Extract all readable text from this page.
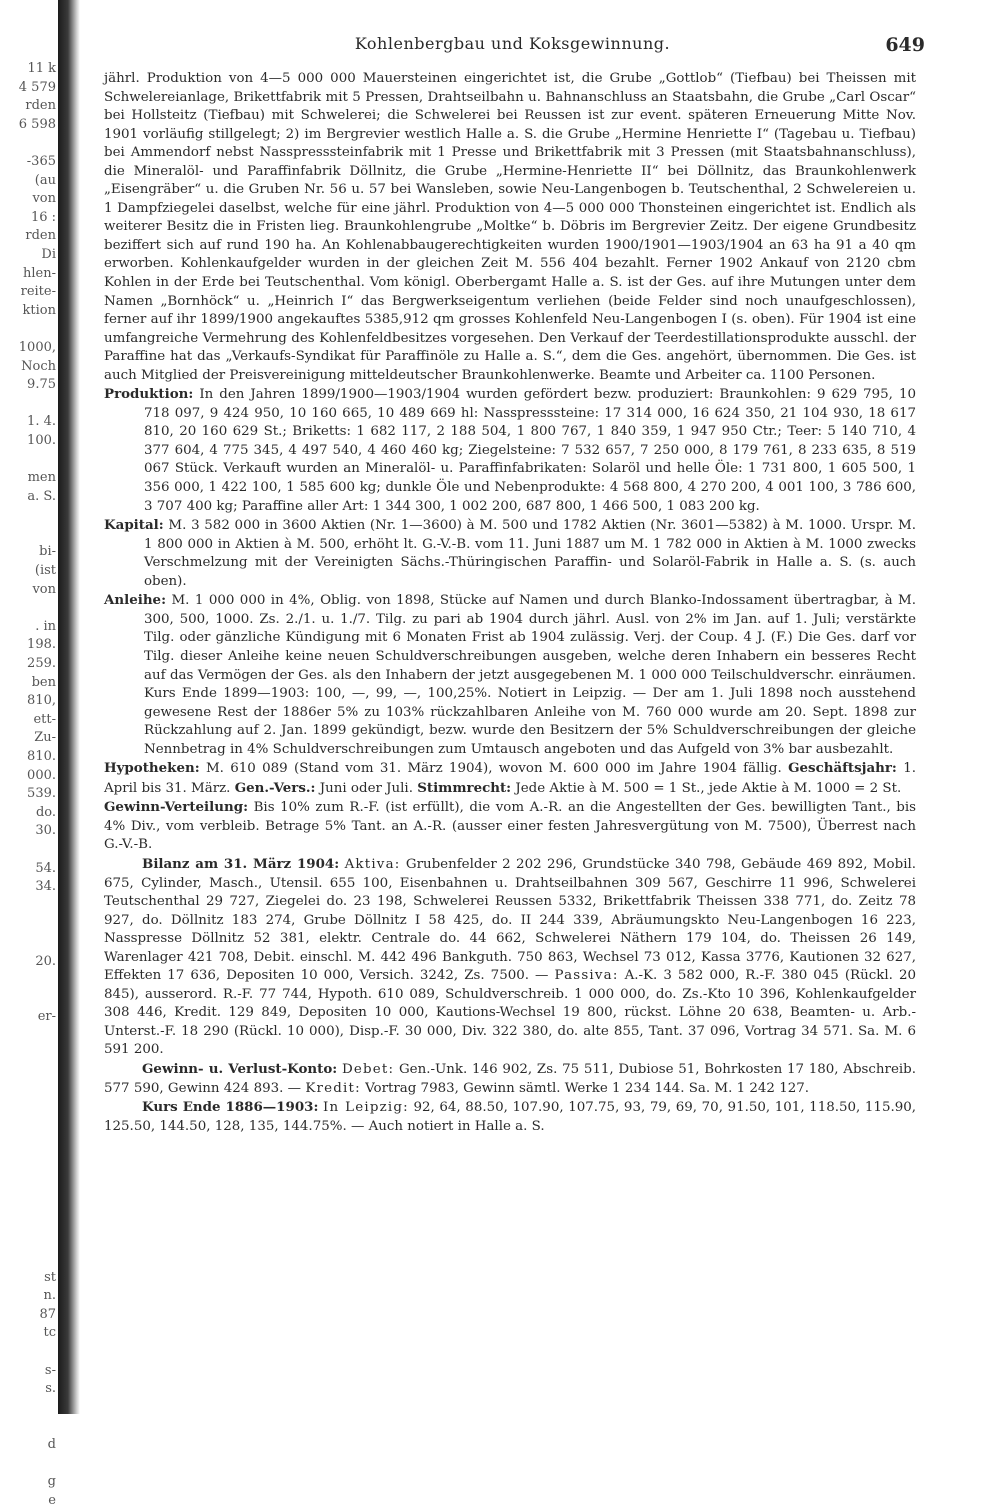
11 k
4 579
rden
6 598

-365
(au
von
16 :
rden
Di
hlen-
reite-
ktion

1000,
Noch
9.75

1. 4.
100.

men
a. S.

bi-
(ist
von

. in
198.
259.
ben
810,
ett-
Zu-
810.
000.
539.
do.
30.

54.
34.

20.

er-

st
n.
87
tc

s-
s.

d

g
e
Kohlenbergbau und Koksgewinnung.	649

jährl. Produktion von 4—5 000 000 Mauersteinen eingerichtet ist, die Grube „Gottlob“ (Tiefbau) bei Theissen mit Schwelereianlage, Brikettfabrik mit 5 Pressen, Drahtseilbahn u. Bahnanschluss an Staatsbahn, die Grube „Carl Oscar“ bei Hollsteitz (Tiefbau) mit Schwelerei; die Schwelerei bei Reussen ist zur event. späteren Erneuerung Mitte Nov. 1901 vorläufig stillgelegt; 2) im Bergrevier westlich Halle a. S. die Grube „Hermine Henriette I“ (Tagebau u. Tiefbau) bei Ammendorf nebst Nasspresssteinfabrik mit 1 Presse und Brikettfabrik mit 3 Pressen (mit Staatsbahnanschluss), die Mineralöl- und Paraffinfabrik Döllnitz, die Grube „Hermine-Henriette II“ bei Döllnitz, das Braunkohlenwerk „Eisengräber“ u. die Gruben Nr. 56 u. 57 bei Wansleben, sowie Neu-Langenbogen b. Teutschenthal, 2 Schwelereien u. 1 Dampfziegelei daselbst, welche für eine jährl. Produktion von 4—5 000 000 Thonsteinen eingerichtet ist. Endlich als weiterer Besitz die in Fristen lieg. Braunkohlengrube „Moltke“ b. Döbris im Bergrevier Zeitz. Der eigene Grundbesitz beziffert sich auf rund 190 ha. An Kohlenabbaugerechtigkeiten wurden 1900/1901—1903/1904 an 63 ha 91 a 40 qm erworben. Kohlenkaufgelder wurden in der gleichen Zeit M. 556 404 bezahlt. Ferner 1902 Ankauf von 2120 cbm Kohlen in der Erde bei Teutschenthal. Vom königl. Oberbergamt Halle a. S. ist der Ges. auf ihre Mutungen unter dem Namen „Bornhöck“ u. „Heinrich I“ das Bergwerkseigentum verliehen (beide Felder sind noch unaufgeschlossen), ferner auf ihr 1899/1900 angekauftes 5385,912 qm grosses Kohlenfeld Neu-Langenbogen I (s. oben). Für 1904 ist eine umfangreiche Vermehrung des Kohlenfeldbesitzes vorgesehen. Den Verkauf der Teerdestillationsprodukte ausschl. der Paraffine hat das „Verkaufs-Syndikat für Paraffinöle zu Halle a. S.“, dem die Ges. angehört, übernommen. Die Ges. ist auch Mitglied der Preisvereinigung mitteldeutscher Braunkohlenwerke. Beamte und Arbeiter ca. 1100 Personen.

Produktion: In den Jahren 1899/1900—1903/1904 wurden gefördert bezw. produziert: Braunkohlen: 9 629 795, 10 718 097, 9 424 950, 10 160 665, 10 489 669 hl: Nasspresssteine: 17 314 000, 16 624 350, 21 104 930, 18 617 810, 20 160 629 St.; Briketts: 1 682 117, 2 188 504, 1 800 767, 1 840 359, 1 947 950 Ctr.; Teer: 5 140 710, 4 377 604, 4 775 345, 4 497 540, 4 460 460 kg; Ziegelsteine: 7 532 657, 7 250 000, 8 179 761, 8 233 635, 8 519 067 Stück. Verkauft wurden an Mineralöl- u. Paraffinfabrikaten: Solaröl und helle Öle: 1 731 800, 1 605 500, 1 356 000, 1 422 100, 1 585 600 kg; dunkle Öle und Nebenprodukte: 4 568 800, 4 270 200, 4 001 100, 3 786 600, 3 707 400 kg; Paraffine aller Art: 1 344 300, 1 002 200, 687 800, 1 466 500, 1 083 200 kg.

Kapital: M. 3 582 000 in 3600 Aktien (Nr. 1—3600) à M. 500 und 1782 Aktien (Nr. 3601—5382) à M. 1000. Urspr. M. 1 800 000 in Aktien à M. 500, erhöht lt. G.-V.-B. vom 11. Juni 1887 um M. 1 782 000 in Aktien à M. 1000 zwecks Verschmelzung mit der Vereinigten Sächs.-Thüringischen Paraffin- und Solaröl-Fabrik in Halle a. S. (s. auch oben).

Anleihe: M. 1 000 000 in 4%, Oblig. von 1898, Stücke auf Namen und durch Blanko-Indossament übertragbar, à M. 300, 500, 1000. Zs. 2./1. u. 1./7. Tilg. zu pari ab 1904 durch jährl. Ausl. von 2% im Jan. auf 1. Juli; verstärkte Tilg. oder gänzliche Kündigung mit 6 Monaten Frist ab 1904 zulässig. Verj. der Coup. 4 J. (F.) Die Ges. darf vor Tilg. dieser Anleihe keine neuen Schuldverschreibungen ausgeben, welche deren Inhabern ein besseres Recht auf das Vermögen der Ges. als den Inhabern der jetzt ausgegebenen M. 1 000 000 Teilschuldverschr. einräumen. Kurs Ende 1899—1903: 100, —, 99, —, 100,25%. Notiert in Leipzig. — Der am 1. Juli 1898 noch ausstehend gewesene Rest der 1886er 5% zu 103% rückzahlbaren Anleihe von M. 760 000 wurde am 20. Sept. 1898 zur Rückzahlung auf 2. Jan. 1899 gekündigt, bezw. wurde den Besitzern der 5% Schuldverschreibungen der gleiche Nennbetrag in 4% Schuldverschreibungen zum Umtausch angeboten und das Aufgeld von 3% bar ausbezahlt.

Hypotheken: M. 610 089 (Stand vom 31. März 1904), wovon M. 600 000 im Jahre 1904 fällig. Geschäftsjahr: 1. April bis 31. März. Gen.-Vers.: Juni oder Juli. Stimmrecht: Jede Aktie à M. 500 = 1 St., jede Aktie à M. 1000 = 2 St.

Gewinn-Verteilung: Bis 10% zum R.-F. (ist erfüllt), die vom A.-R. an die Angestellten der Ges. bewilligten Tant., bis 4% Div., vom verbleib. Betrage 5% Tant. an A.-R. (ausser einer festen Jahresvergütung von M. 7500), Überrest nach G.-V.-B.

Bilanz am 31. März 1904: Aktiva: Grubenfelder 2 202 296, Grundstücke 340 798, Gebäude 469 892, Mobil. 675, Cylinder, Masch., Utensil. 655 100, Eisenbahnen u. Drahtseilbahnen 309 567, Geschirre 11 996, Schwelerei Teutschenthal 29 727, Ziegelei do. 23 198, Schwelerei Reussen 5332, Brikettfabrik Theissen 338 771, do. Zeitz 78 927, do. Döllnitz 183 274, Grube Döllnitz I 58 425, do. II 244 339, Abräumungskto Neu-Langenbogen 16 223, Nasspresse Döllnitz 52 381, elektr. Centrale do. 44 662, Schwelerei Näthern 179 104, do. Theissen 26 149, Warenlager 421 708, Debit. einschl. M. 442 496 Bankguth. 750 863, Wechsel 73 012, Kassa 3776, Kautionen 32 627, Effekten 17 636, Depositen 10 000, Versich. 3242, Zs. 7500. — Passiva: A.-K. 3 582 000, R.-F. 380 045 (Rückl. 20 845), ausserord. R.-F. 77 744, Hypoth. 610 089, Schuldverschreib. 1 000 000, do. Zs.-Kto 10 396, Kohlenkaufgelder 308 446, Kredit. 129 849, Depositen 10 000, Kautions-Wechsel 19 800, rückst. Löhne 20 638, Beamten- u. Arb.-Unterst.-F. 18 290 (Rückl. 10 000), Disp.-F. 30 000, Div. 322 380, do. alte 855, Tant. 37 096, Vortrag 34 571. Sa. M. 6 591 200.

Gewinn- u. Verlust-Konto: Debet: Gen.-Unk. 146 902, Zs. 75 511, Dubiose 51, Bohrkosten 17 180, Abschreib. 577 590, Gewinn 424 893. — Kredit: Vortrag 7983, Gewinn sämtl. Werke 1 234 144. Sa. M. 1 242 127.

Kurs Ende 1886—1903: In Leipzig: 92, 64, 88.50, 107.90, 107.75, 93, 79, 69, 70, 91.50, 101, 118.50, 115.90, 125.50, 144.50, 128, 135, 144.75%. — Auch notiert in Halle a. S.
